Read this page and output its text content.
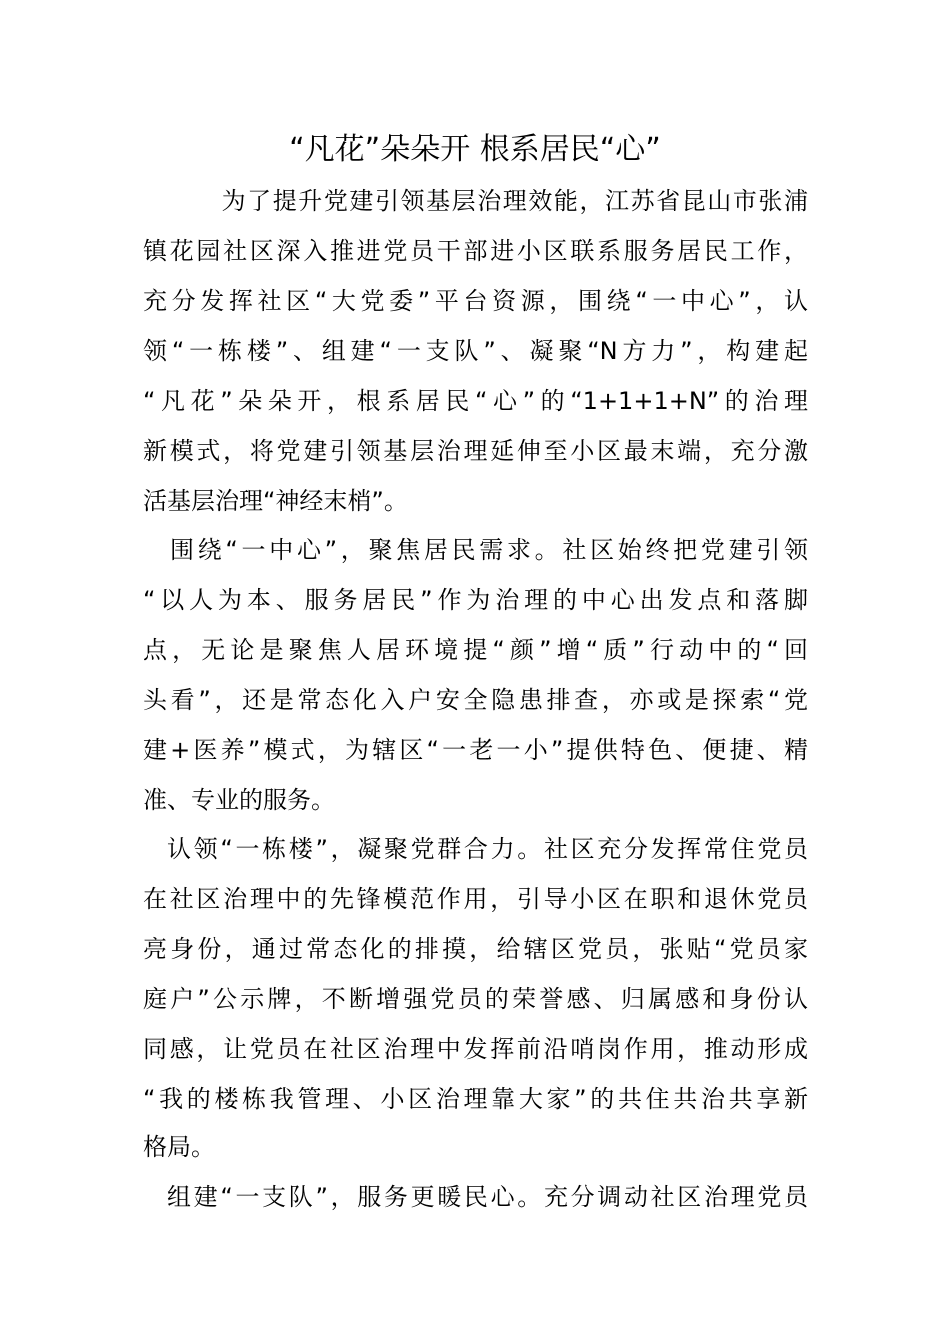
“凡花”朵朵开 根系居民“心”
　为了提升党建引领基层治理效能，江苏省昆山市张浦
镇花园社区深入推进党员干部进小区联系服务居民工作，
充分发挥社区“大党委”平台资源，围绕“一中心”，认
领“一栋楼”、组建“一支队”、凝聚“N方力”，构建起
“凡花”朵朵开，根系居民“心”的“1+1+1+N”的治理
新模式，将党建引领基层治理延伸至小区最末端，充分激
活基层治理“神经末梢”。
围绕“一中心”，聚焦居民需求。社区始终把党建引领
“以人为本、服务居民”作为治理的中心出发点和落脚
点，无论是聚焦人居环境提“颜”增“质”行动中的“回
头看”，还是常态化入户安全隐患排查，亦或是探索“党
建+医养”模式，为辖区“一老一小”提供特色、便捷、精
准、专业的服务。
认领“一栋楼”，凝聚党群合力。社区充分发挥常住党员
在社区治理中的先锋模范作用，引导小区在职和退休党员
亮身份，通过常态化的排摸，给辖区党员，张贴“党员家
庭户”公示牌，不断增强党员的荣誉感、归属感和身份认
同感，让党员在社区治理中发挥前沿哨岗作用，推动形成
“我的楼栋我管理、小区治理靠大家”的共住共治共享新
格局。
组建“一支队”，服务更暖民心。充分调动社区治理党员
